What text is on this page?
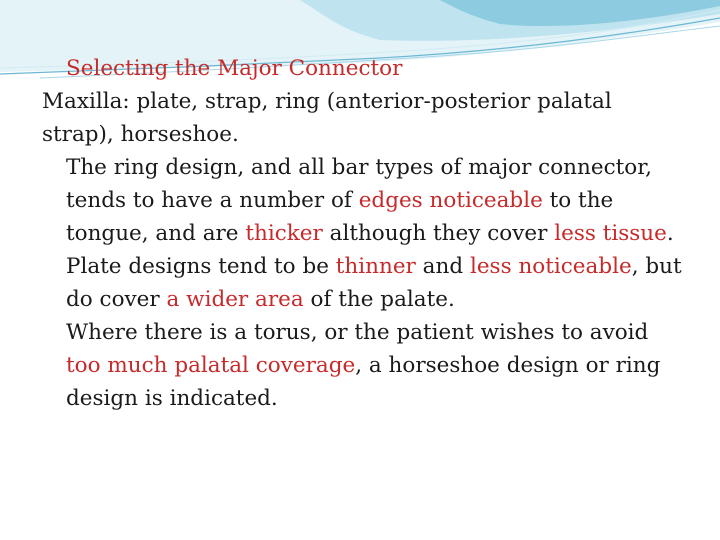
Selecting the Major Connector

Maxilla: plate, strap, ring (anterior-posterior palatal strap), horseshoe.

The ring design, and all bar types of major connector, tends to have a number of edges noticeable to the tongue, and are thicker although they cover less tissue. Plate designs tend to be thinner and less noticeable, but do cover a wider area of the palate.

Where there is a torus, or the patient wishes to avoid too much palatal coverage, a horseshoe design or ring design is indicated.
